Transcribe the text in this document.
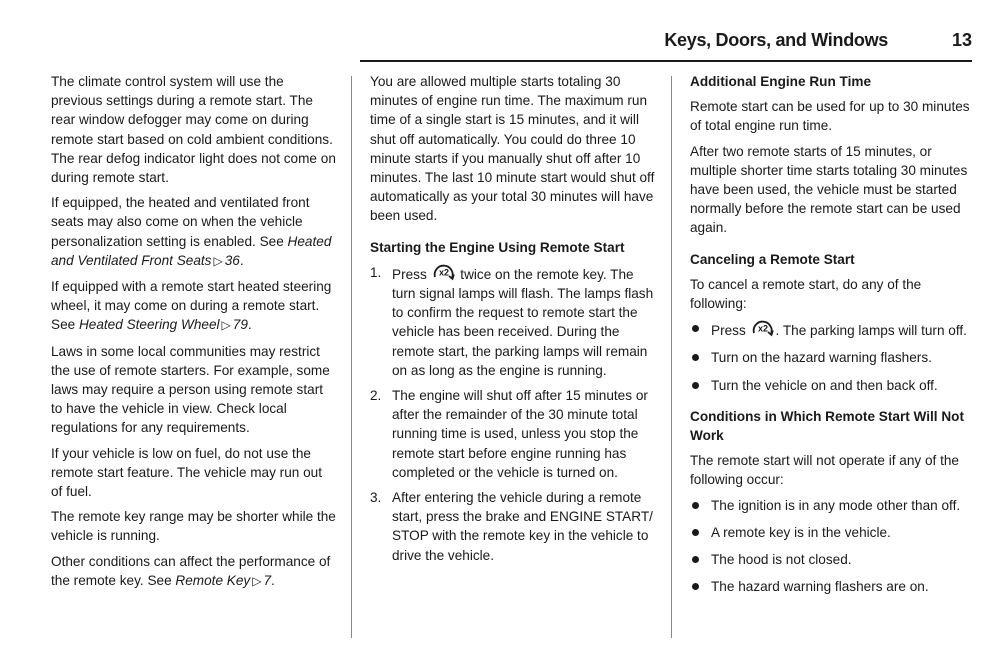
Keys, Doors, and Windows	13

The climate control system will use the previous settings during a remote start. The rear window defogger may come on during remote start based on cold ambient conditions. The rear defog indicator light does not come on during remote start.

If equipped, the heated and ventilated front seats may also come on when the vehicle personalization setting is enabled. See Heated and Ventilated Front Seats ▷ 36.

If equipped with a remote start heated steering wheel, it may come on during a remote start. See Heated Steering Wheel ▷ 79.

Laws in some local communities may restrict the use of remote starters. For example, some laws may require a person using remote start to have the vehicle in view. Check local regulations for any requirements.

If your vehicle is low on fuel, do not use the remote start feature. The vehicle may run out of fuel.

The remote key range may be shorter while the vehicle is running.

Other conditions can affect the performance of the remote key. See Remote Key ▷ 7.

You are allowed multiple starts totaling 30 minutes of engine run time. The maximum run time of a single start is 15 minutes, and it will shut off automatically. You could do three 10 minute starts if you manually shut off after 10 minutes. The last 10 minute start would shut off automatically as your total 30 minutes will have been used.

Starting the Engine Using Remote Start

1. Press x2 twice on the remote key. The turn signal lamps will flash. The lamps flash to confirm the request to remote start the vehicle has been received. During the remote start, the parking lamps will remain on as long as the engine is running.
2. The engine will shut off after 15 minutes or after the remainder of the 30 minute total running time is used, unless you stop the remote start before engine running has completed or the vehicle is turned on.
3. After entering the vehicle during a remote start, press the brake and ENGINE START/ STOP with the remote key in the vehicle to drive the vehicle.

Additional Engine Run Time

Remote start can be used for up to 30 minutes of total engine run time.

After two remote starts of 15 minutes, or multiple shorter time starts totaling 30 minutes have been used, the vehicle must be started normally before the remote start can be used again.

Canceling a Remote Start

To cancel a remote start, do any of the following:

Press x2 . The parking lamps will turn off.
Turn on the hazard warning flashers.
Turn the vehicle on and then back off.

Conditions in Which Remote Start Will Not Work

The remote start will not operate if any of the following occur:

The ignition is in any mode other than off.
A remote key is in the vehicle.
The hood is not closed.
The hazard warning flashers are on.
